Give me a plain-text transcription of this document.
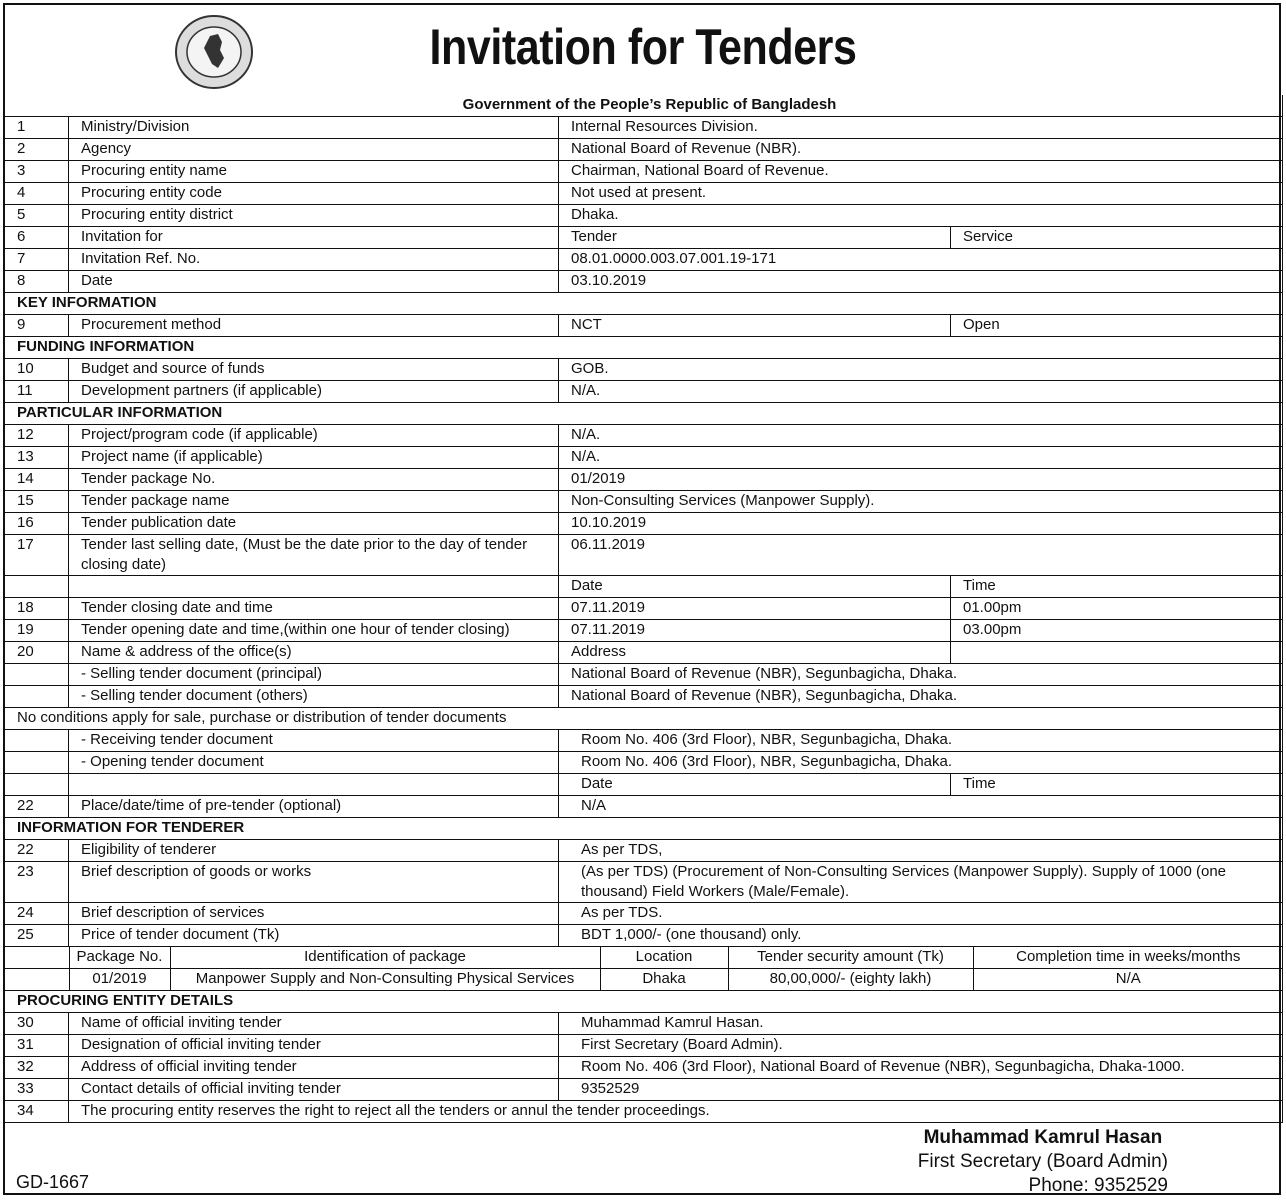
Invitation for Tenders
Government of the People’s Republic of Bangladesh
1	Ministry/Division	Internal Resources Division.
2	Agency	National Board of Revenue (NBR).
3	Procuring entity name	Chairman, National Board of Revenue.
4	Procuring entity code	Not used at present.
5	Procuring entity district	Dhaka.
6	Invitation for	Tender	Service
7	Invitation Ref. No.	08.01.0000.003.07.001.19-171
8	Date	03.10.2019
KEY INFORMATION
9	Procurement method	NCT	Open
FUNDING INFORMATION
10	Budget and source of funds	GOB.
11	Development partners (if applicable)	N/A.
PARTICULAR INFORMATION
12	Project/program code (if applicable)	N/A.
13	Project name (if applicable)	N/A.
14	Tender package No.	01/2019
15	Tender package name	Non-Consulting Services (Manpower Supply).
16	Tender publication date	10.10.2019
17	Tender last selling date, (Must be the date prior to the day of tender closing date)	06.11.2019
		Date	Time
18	Tender closing date and time	07.11.2019	01.00pm
19	Tender opening date and time,(within one hour of tender closing)	07.11.2019	03.00pm
20	Name & address of the office(s)	Address	
	- Selling tender document (principal)	National Board of Revenue (NBR), Segunbagicha, Dhaka.
	- Selling tender document (others)	National Board of Revenue (NBR), Segunbagicha, Dhaka.
No conditions apply for sale, purchase or distribution of tender documents
	- Receiving tender document	Room No. 406 (3rd Floor), NBR, Segunbagicha, Dhaka.
	- Opening tender document	Room No. 406 (3rd Floor), NBR, Segunbagicha, Dhaka.
		Date	Time
22	Place/date/time of pre-tender (optional)	N/A
INFORMATION FOR TENDERER
22	Eligibility of tenderer	As per TDS,
23	Brief description of goods or works	(As per TDS) (Procurement of Non-Consulting Services (Manpower Supply). Supply of 1000 (one thousand) Field Workers (Male/Female).
24	Brief description of services	As per TDS.
25	Price of tender document (Tk)	BDT 1,000/- (one thousand) only.

	Package No.	Identification of package	Location	Tender security amount (Tk)	Completion time in weeks/months
	01/2019	Manpower Supply and Non-Consulting Physical Services	Dhaka	80,00,000/- (eighty lakh)	N/A

PROCURING ENTITY DETAILS
30	Name of official inviting tender	Muhammad Kamrul Hasan.
31	Designation of official inviting tender	First Secretary (Board Admin).
32	Address of official inviting tender	Room No. 406 (3rd Floor), National Board of Revenue (NBR), Segunbagicha, Dhaka-1000.
33	Contact details of official inviting tender	9352529
34	The procuring entity reserves the right to reject all the tenders or annul the tender proceedings.
Muhammad Kamrul Hasan
First Secretary (Board Admin)
Phone: 9352529
GD-1667
